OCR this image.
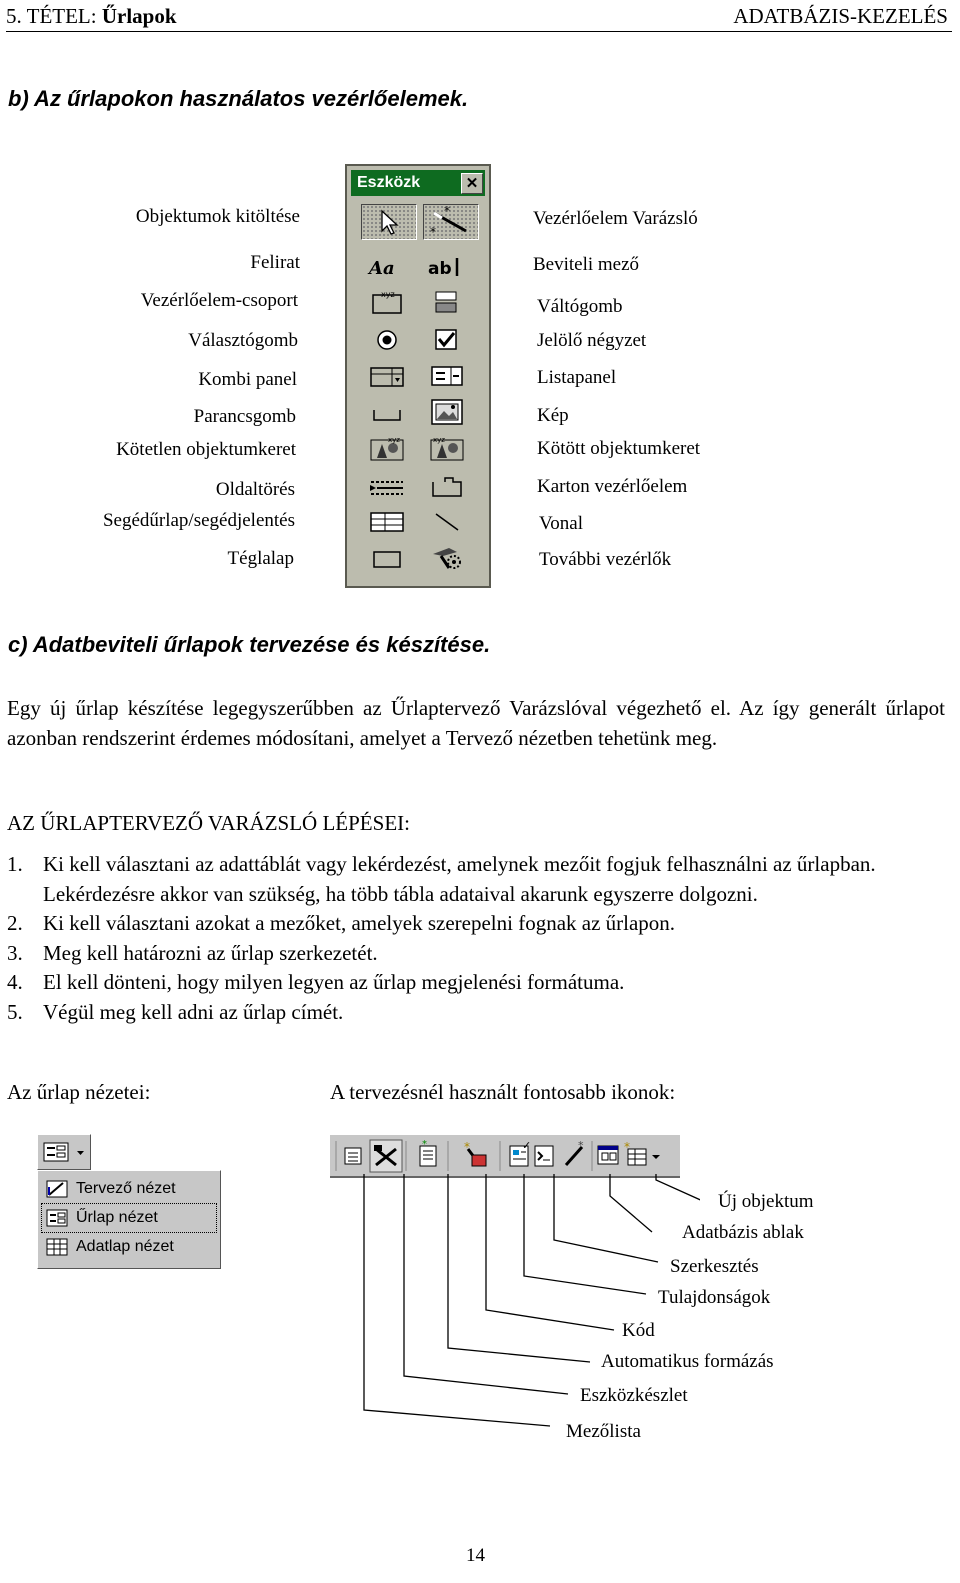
5. TÉTEL: Űrlapok	ADATBÁZIS-KEZELÉS
b) Az űrlapokon használatos vezérlőelemek.
Objektumok kitöltése
Felirat
Vezérlőelem-csoport
Választógomb
Kombi panel
Parancsgomb
Kötetlen objektumkeret
Oldaltörés
Segédűrlap/segédjelentés
Téglalap
Eszközk	✕
*
*
Aa ab
xyz
xyz	xyz
Vezérlőelem Varázsló
Beviteli mező
Váltógomb
Jelölő négyzet
Listapanel
Kép
Kötött objektumkeret
Karton vezérlőelem
Vonal
További vezérlők
c) Adatbeviteli űrlapok tervezése és készítése.
Egy új űrlap készítése legegyszerűbben az Űrlaptervező Varázslóval végezhető el. Az így generált űrlapot azonban rendszerint érdemes módosítani, amelyet a Tervező nézetben tehetünk meg.
AZ ŰRLAPTERVEZŐ VARÁZSLÓ LÉPÉSEI:
1. Ki kell választani az adattáblát vagy lekérdezést, amelynek mezőit fogjuk felhasználni az űrlapban. Lekérdezésre akkor van szükség, ha több tábla adataival akarunk egyszerre dolgozni.
2. Ki kell választani azokat a mezőket, amelyek szerepelni fognak az űrlapon.
3. Meg kell határozni az űrlap szerkezetét.
4. El kell dönteni, hogy milyen legyen az űrlap megjelenési formátuma.
5. Végül meg kell adni az űrlap címét.
Az űrlap nézetei:	A tervezésnél használt fontosabb ikonok:
Tervező nézet
Űrlap nézet
Adatlap nézet
*	*	✓	*	*
Új objektum
Adatbázis ablak
Szerkesztés
Tulajdonságok
Kód
Automatikus formázás
Eszközkészlet
Mezőlista
14
